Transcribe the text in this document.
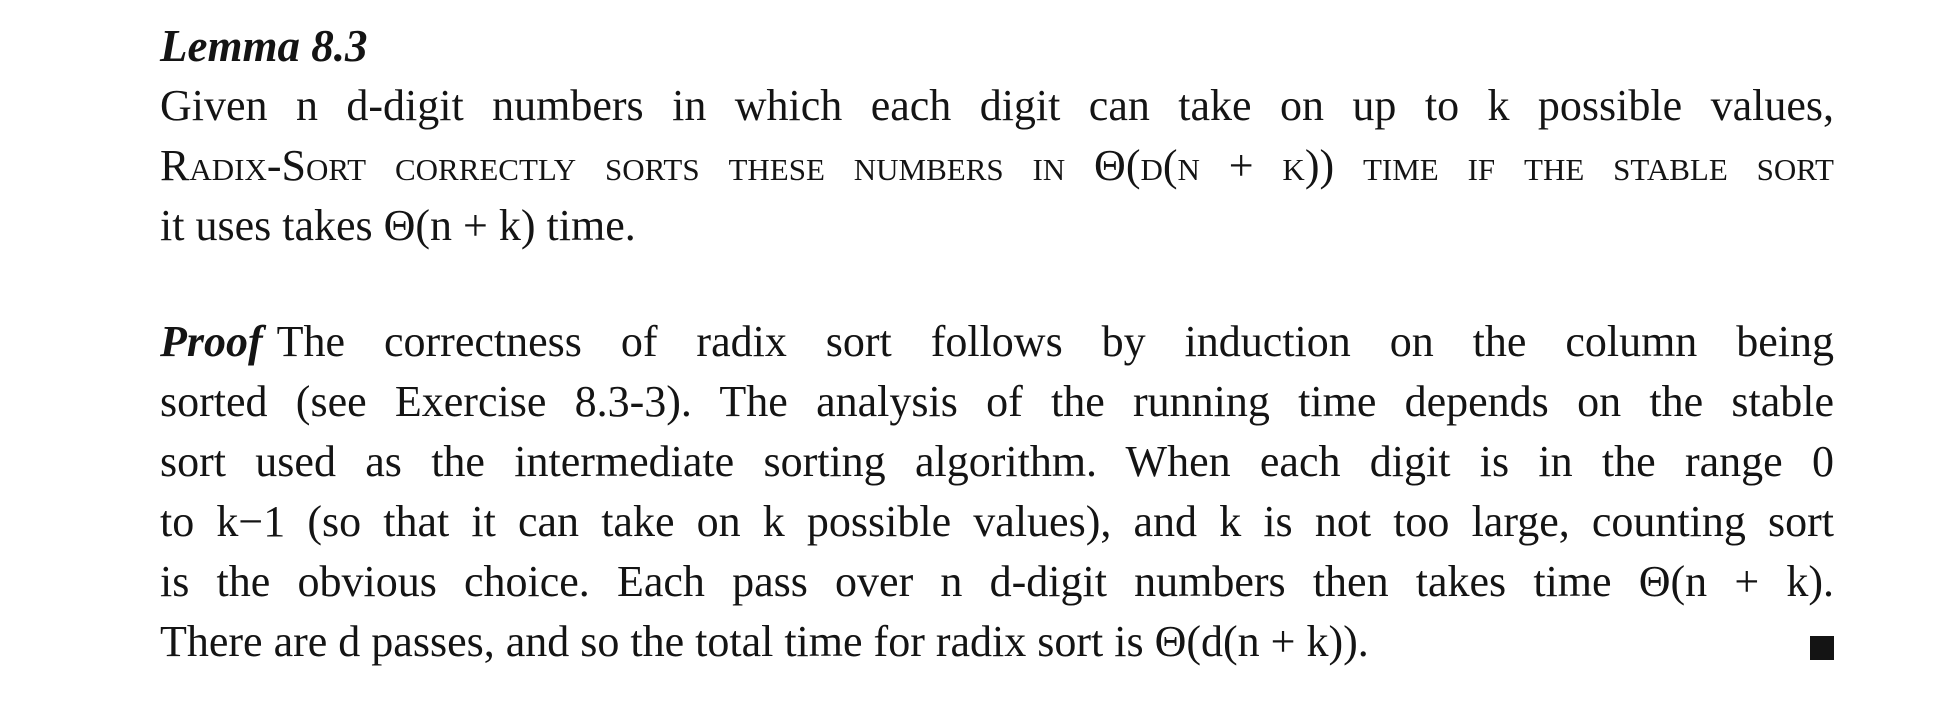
Lemma 8.3
Given n d-digit numbers in which each digit can take on up to k possible values,
Radix-Sort correctly sorts these numbers in Θ(d(n + k)) time if the stable sort
it uses takes Θ(n + k) time.
Proof The correctness of radix sort follows by induction on the column being
sorted (see Exercise 8.3-3). The analysis of the running time depends on the stable
sort used as the intermediate sorting algorithm. When each digit is in the range 0
to k−1 (so that it can take on k possible values), and k is not too large, counting sort
is the obvious choice. Each pass over n d-digit numbers then takes time Θ(n + k).
There are d passes, and so the total time for radix sort is Θ(d(n + k)).
